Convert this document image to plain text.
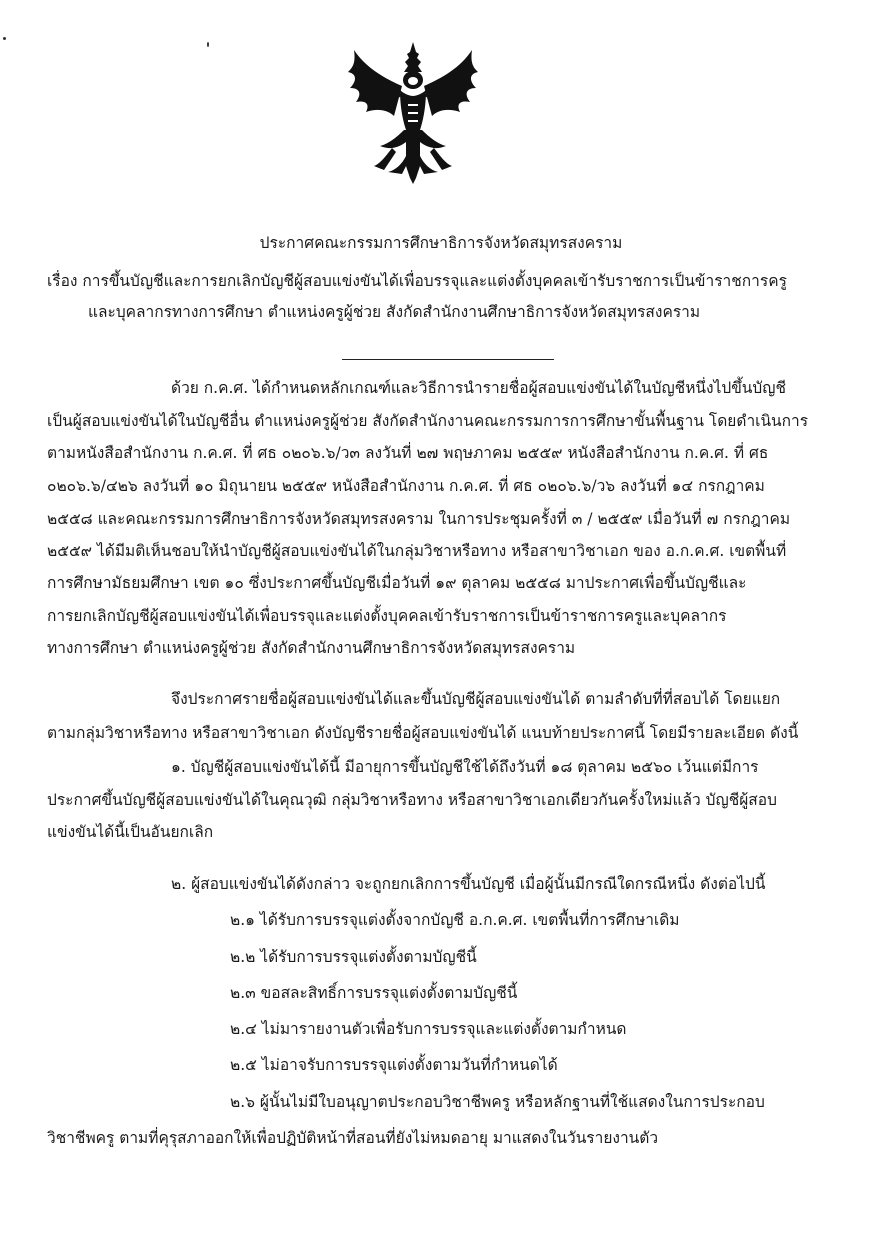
ประกาศคณะกรรมการศึกษาธิการจังหวัดสมุทรสงคราม
เรื่อง การขึ้นบัญชีและการยกเลิกบัญชีผู้สอบแข่งขันได้เพื่อบรรจุและแต่งตั้งบุคคลเข้ารับราชการเป็นข้าราชการครู
และบุคลากรทางการศึกษา ตำแหน่งครูผู้ช่วย สังกัดสำนักงานศึกษาธิการจังหวัดสมุทรสงคราม
ด้วย ก.ค.ศ. ได้กำหนดหลักเกณฑ์และวิธีการนำรายชื่อผู้สอบแข่งขันได้ในบัญชีหนึ่งไปขึ้นบัญชี
เป็นผู้สอบแข่งขันได้ในบัญชีอื่น ตำแหน่งครูผู้ช่วย สังกัดสำนักงานคณะกรรมการการศึกษาขั้นพื้นฐาน โดยดำเนินการ
ตามหนังสือสำนักงาน ก.ค.ศ. ที่ ศธ ๐๒๐๖.๖/ว๓ ลงวันที่ ๒๗ พฤษภาคม ๒๕๕๙ หนังสือสำนักงาน ก.ค.ศ. ที่ ศธ
๐๒๐๖.๖/๔๒๖ ลงวันที่ ๑๐ มิถุนายน ๒๕๕๙ หนังสือสำนักงาน ก.ค.ศ. ที่ ศธ ๐๒๐๖.๖/ว๖ ลงวันที่ ๑๔ กรกฎาคม
๒๕๕๘ และคณะกรรมการศึกษาธิการจังหวัดสมุทรสงคราม ในการประชุมครั้งที่ ๓ / ๒๕๕๙ เมื่อวันที่ ๗ กรกฎาคม
๒๕๕๙ ได้มีมติเห็นชอบให้นำบัญชีผู้สอบแข่งขันได้ในกลุ่มวิชาหรือทาง หรือสาขาวิชาเอก ของ อ.ก.ค.ศ. เขตพื้นที่
การศึกษามัธยมศึกษา เขต ๑๐ ซึ่งประกาศขึ้นบัญชีเมื่อวันที่ ๑๙ ตุลาคม ๒๕๕๘ มาประกาศเพื่อขึ้นบัญชีและ
การยกเลิกบัญชีผู้สอบแข่งขันได้เพื่อบรรจุและแต่งตั้งบุคคลเข้ารับราชการเป็นข้าราชการครูและบุคลากร
ทางการศึกษา ตำแหน่งครูผู้ช่วย สังกัดสำนักงานศึกษาธิการจังหวัดสมุทรสงคราม
จึงประกาศรายชื่อผู้สอบแข่งขันได้และขึ้นบัญชีผู้สอบแข่งขันได้ ตามลำดับที่ที่สอบได้ โดยแยก
ตามกลุ่มวิชาหรือทาง หรือสาขาวิชาเอก ดังบัญชีรายชื่อผู้สอบแข่งขันได้ แนบท้ายประกาศนี้ โดยมีรายละเอียด ดังนี้
๑. บัญชีผู้สอบแข่งขันได้นี้ มีอายุการขึ้นบัญชีใช้ได้ถึงวันที่ ๑๘ ตุลาคม ๒๕๖๐ เว้นแต่มีการ
ประกาศขึ้นบัญชีผู้สอบแข่งขันได้ในคุณวุฒิ กลุ่มวิชาหรือทาง หรือสาขาวิชาเอกเดียวกันครั้งใหม่แล้ว บัญชีผู้สอบ
แข่งขันได้นี้เป็นอันยกเลิก
๒. ผู้สอบแข่งขันได้ดังกล่าว จะถูกยกเลิกการขึ้นบัญชี เมื่อผู้นั้นมีกรณีใดกรณีหนึ่ง ดังต่อไปนี้
๒.๑ ได้รับการบรรจุแต่งตั้งจากบัญชี อ.ก.ค.ศ. เขตพื้นที่การศึกษาเดิม
๒.๒ ได้รับการบรรจุแต่งตั้งตามบัญชีนี้
๒.๓ ขอสละสิทธิ์การบรรจุแต่งตั้งตามบัญชีนี้
๒.๔ ไม่มารายงานตัวเพื่อรับการบรรจุและแต่งตั้งตามกำหนด
๒.๕ ไม่อาจรับการบรรจุแต่งตั้งตามวันที่กำหนดได้
๒.๖ ผู้นั้นไม่มีใบอนุญาตประกอบวิชาชีพครู หรือหลักฐานที่ใช้แสดงในการประกอบ
วิชาชีพครู ตามที่คุรุสภาออกให้เพื่อปฏิบัติหน้าที่สอนที่ยังไม่หมดอายุ มาแสดงในวันรายงานตัว
